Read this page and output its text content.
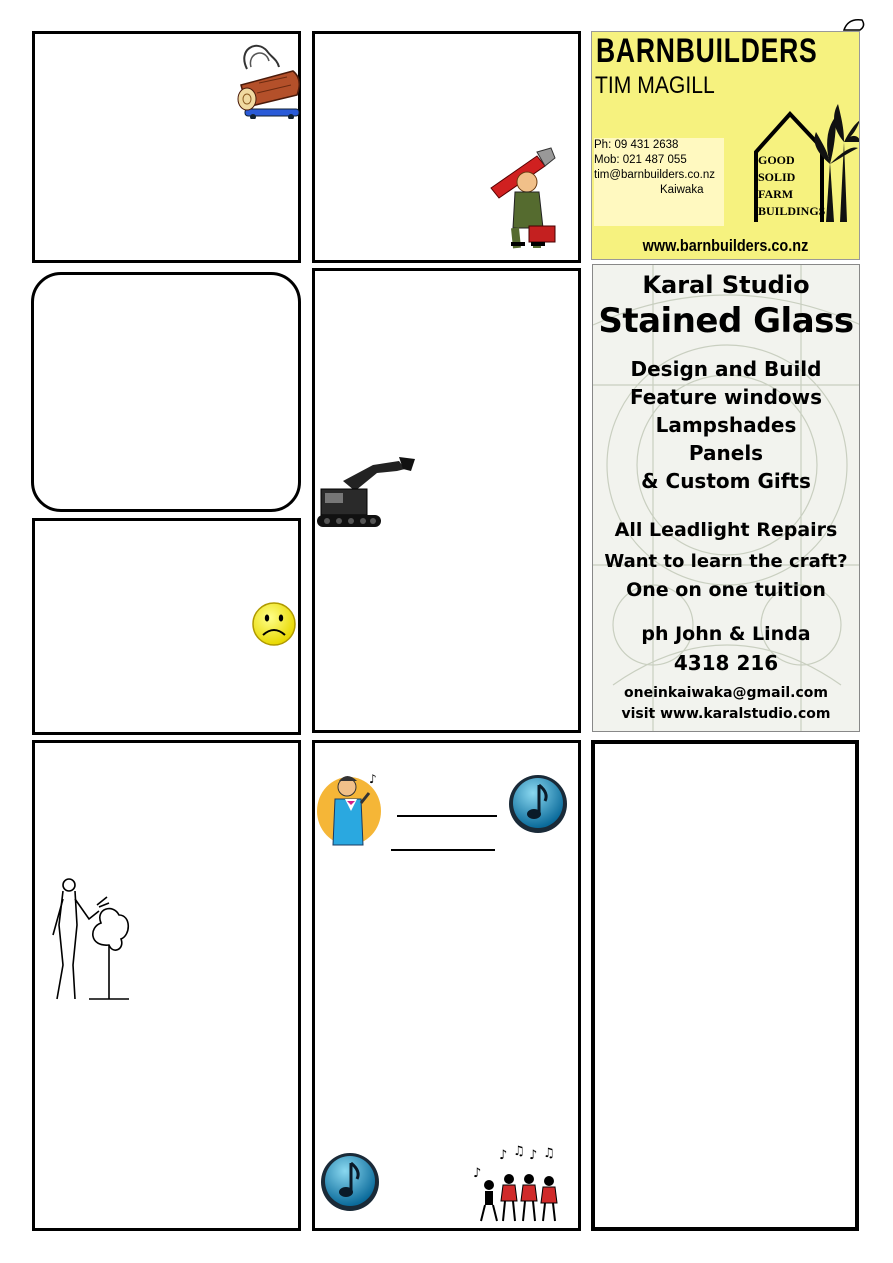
♪
♪ ♫ ♪ ♫
♪
BARNBUILDERS
TIM MAGILL
Ph: 09 431 2638
Mob: 021 487 055
tim@barnbuilders.co.nz
Kaiwaka
GOOD
SOLID
FARM
BUILDINGS
www.barnbuilders.co.nz
Karal Studio
Stained Glass
Design and Build
Feature windows
Lampshades
Panels
& Custom Gifts
All Leadlight Repairs
Want to learn the craft?
One on one tuition
ph John & Linda
4318 216
oneinkaiwaka@gmail.com
visit www.karalstudio.com
